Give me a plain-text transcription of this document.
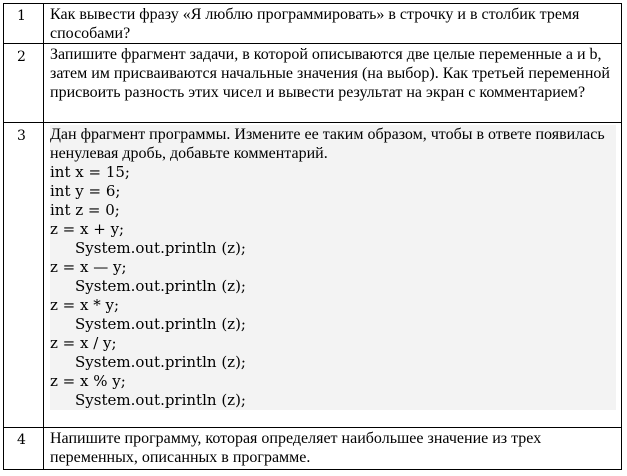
1 Как вывести фразу «Я люблю программировать» в строчку и в столбик тремя способами?
2 Запишите фрагмент задачи, в которой описываются две целые переменные a и b, затем им присваиваются начальные значения (на выбор). Как третьей переменной присвоить разность этих чисел и вывести результат на экран с комментарием?
3 Дан фрагмент программы. Измените ее таким образом, чтобы в ответе появилась ненулевая дробь, добавьте комментарий.
int x = 15;
int y = 6;
int z = 0;
z = x + y;
System.out.println (z);
z = x — y;
System.out.println (z);
z = x * y;
System.out.println (z);
z = x / y;
System.out.println (z);
z = x % y;
System.out.println (z);
4 Напишите программу, которая определяет наибольшее значение из трех переменных, описанных в программе.
